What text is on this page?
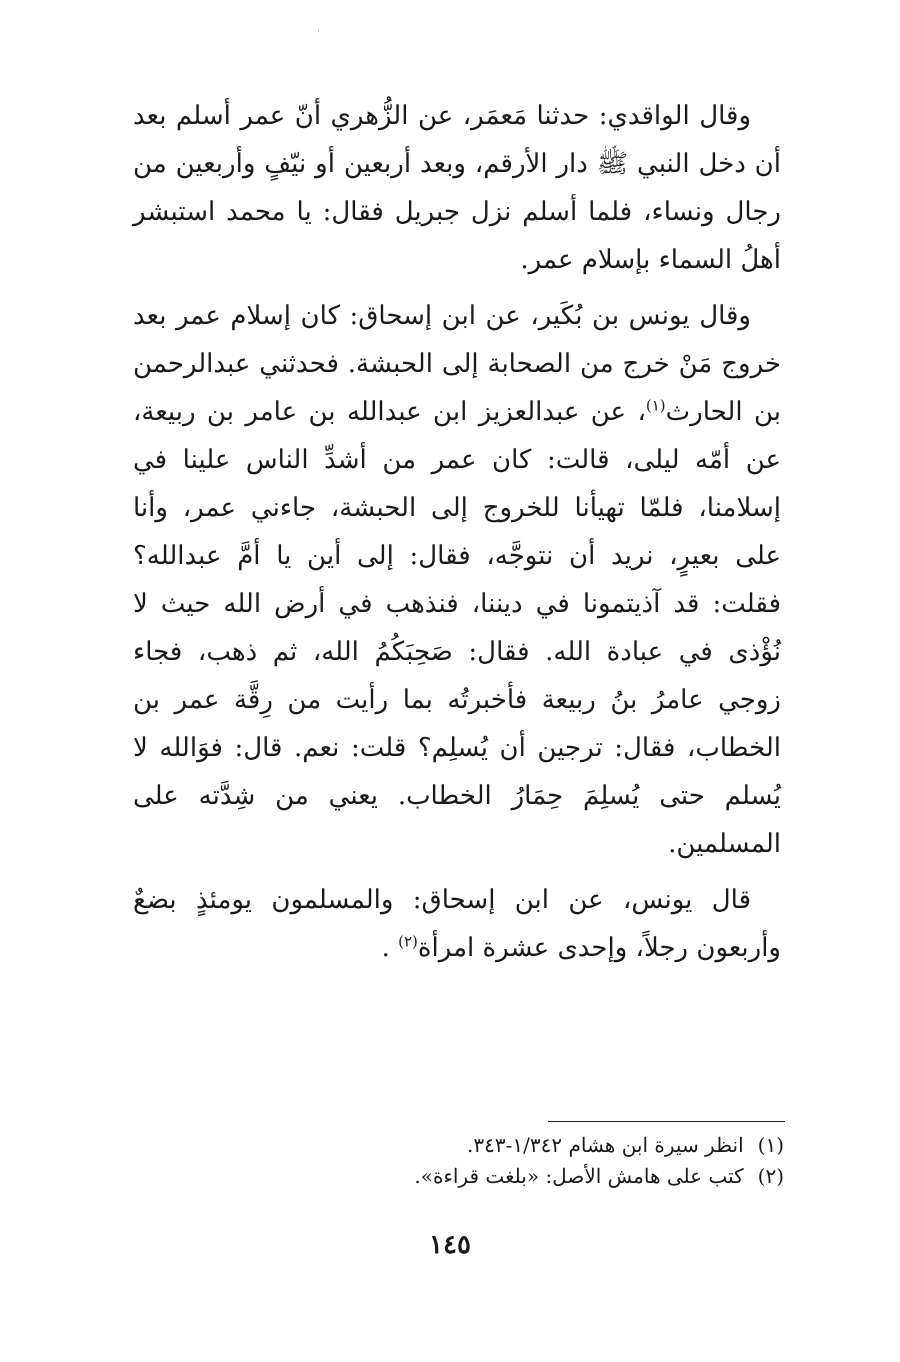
وقال الواقدي: حدثنا مَعمَر، عن الزُّهري أنّ عمر أسلم بعد أن دخل النبي ﷺ دار الأرقم، وبعد أربعين أو نيّفٍ وأربعين من رجال ونساء، فلما أسلم نزل جبريل فقال: يا محمد استبشر أهلُ السماء بإسلام عمر.

وقال يونس بن بُكَير، عن ابن إسحاق: كان إسلام عمر بعد خروج مَنْ خرج من الصحابة إلى الحبشة. فحدثني عبدالرحمن بن الحارث$^{(١)}$، عن عبدالعزيز ابن عبدالله بن عامر بن ربيعة، عن أمّه ليلى، قالت: كان عمر من أشدِّ الناس علينا في إسلامنا، فلمّا تهيأنا للخروج إلى الحبشة، جاءني عمر، وأنا على بعيرٍ، نريد أن نتوجَّه، فقال: إلى أين يا أمَّ عبدالله؟ فقلت: قد آذيتمونا في ديننا، فنذهب في أرض الله حيث لا نُؤْذى في عبادة الله. فقال: صَحِبَكُمُ الله، ثم ذهب، فجاء زوجي عامرُ بنُ ربيعة فأخبرتُه بما رأيت من رِقَّة عمر بن الخطاب، فقال: ترجين أن يُسلِم؟ قلت: نعم. قال: فوَالله لا يُسلم حتى يُسلِمَ حِمَارُ الخطاب. يعني من شِدَّته على المسلمين.

قال يونس، عن ابن إسحاق: والمسلمون يومئذٍ بضعٌ وأربعون رجلاً، وإحدى عشرة امرأة$^{(٢)}$ .

(١)انظر سيرة ابن هشام ١/٣٤٢-٣٤٣.
(٢)كتب على هامش الأصل: «بلغت قراءة».
١٤٥
